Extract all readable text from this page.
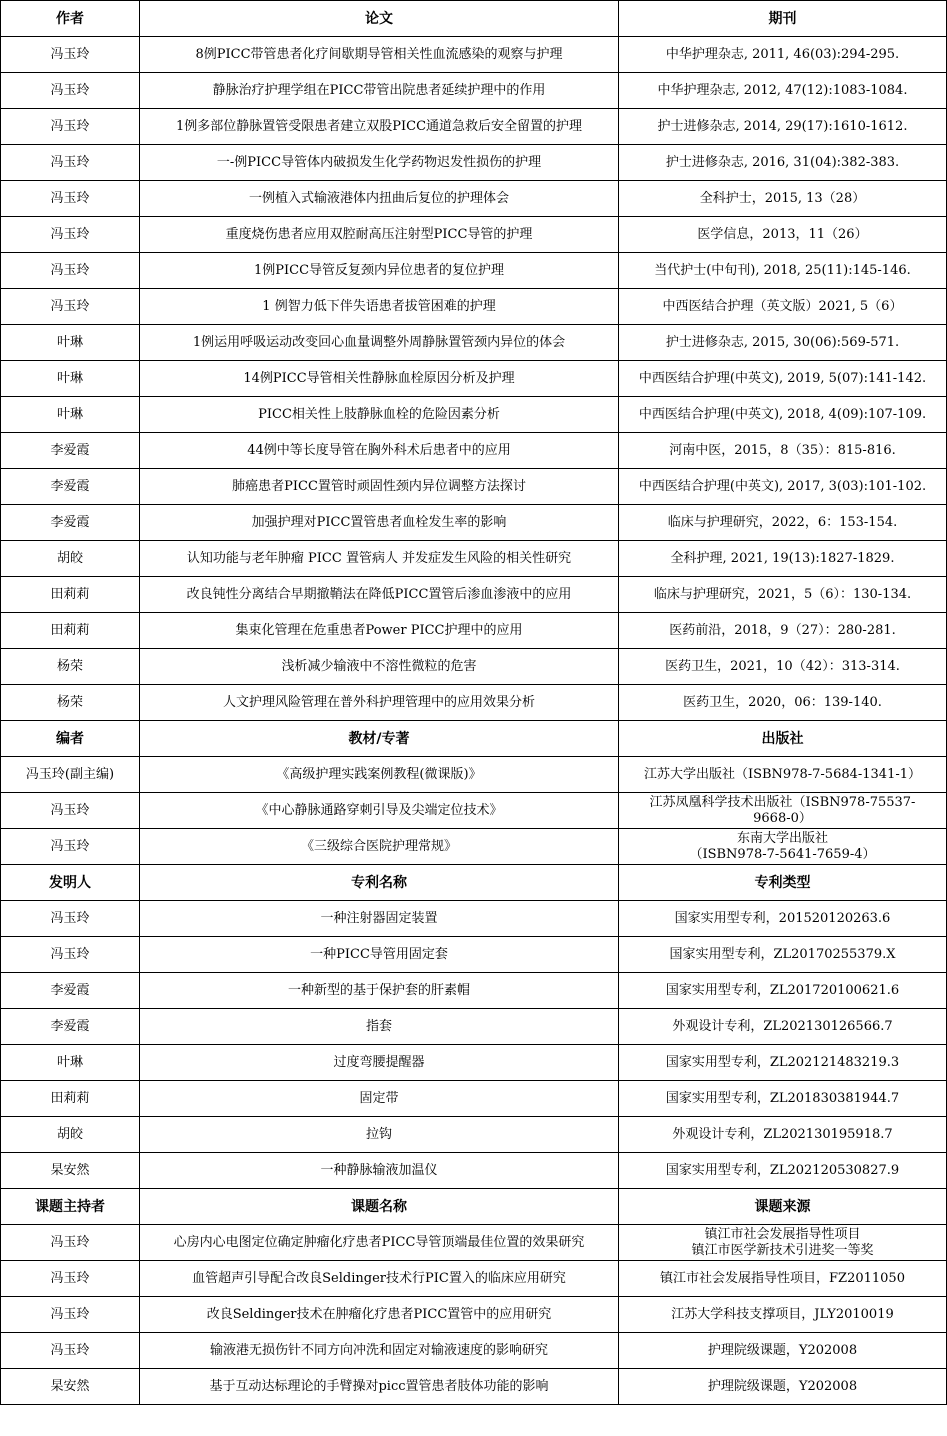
作者	论文	期刊
冯玉玲	8例PICC带管患者化疗间歇期导管相关性血流感染的观察与护理	中华护理杂志, 2011, 46(03):294-295.
冯玉玲	静脉治疗护理学组在PICC带管出院患者延续护理中的作用	中华护理杂志, 2012, 47(12):1083-1084.
冯玉玲	1例多部位静脉置管受限患者建立双股PICC通道急救后安全留置的护理	护士进修杂志, 2014, 29(17):1610-1612.
冯玉玲	一-例PICC导管体内破损发生化学药物迟发性损伤的护理	护士进修杂志, 2016, 31(04):382-383.
冯玉玲	一例植入式输液港体内扭曲后复位的护理体会	全科护士，2015, 13（28）
冯玉玲	重度烧伤患者应用双腔耐高压注射型PICC导管的护理	医学信息，2013，11（26）
冯玉玲	1例PICC导管反复颈内异位患者的复位护理	当代护士(中旬刊), 2018, 25(11):145-146.
冯玉玲	1 例智力低下伴失语患者拔管困难的护理	中西医结合护理（英文版）2021, 5（6）
叶琳	1例运用呼吸运动改变回心血量调整外周静脉置管颈内异位的体会	护士进修杂志, 2015, 30(06):569-571.
叶琳	14例PICC导管相关性静脉血栓原因分析及护理	中西医结合护理(中英文), 2019, 5(07):141-142.
叶琳	PICC相关性上肢静脉血栓的危险因素分析	中西医结合护理(中英文), 2018, 4(09):107-109.
李爱霞	44例中等长度导管在胸外科术后患者中的应用	河南中医，2015，8（35）：815-816.
李爱霞	肺癌患者PICC置管时顽固性颈内异位调整方法探讨	中西医结合护理(中英文), 2017, 3(03):101-102.
李爱霞	加强护理对PICC置管患者血栓发生率的影响	临床与护理研究，2022，6：153-154.
胡皎	认知功能与老年肿瘤 PICC 置管病人 并发症发生风险的相关性研究	全科护理, 2021, 19(13):1827-1829.
田莉莉	改良钝性分离结合早期撤鞘法在降低PICC置管后渗血渗液中的应用	临床与护理研究，2021，5（6）：130-134.
田莉莉	集束化管理在危重患者Power PICC护理中的应用	医药前沿，2018，9（27）：280-281.
杨荣	浅析减少输液中不溶性微粒的危害	医药卫生，2021，10（42）：313-314.
杨荣	人文护理风险管理在普外科护理管理中的应用效果分析	医药卫生，2020，06：139-140.
编者	教材/专著	出版社
冯玉玲(副主编)	《高级护理实践案例教程(微课版)》	江苏大学出版社（ISBN978-7-5684-1341-1）
冯玉玲	《中心静脉通路穿刺引导及尖端定位技术》	江苏凤凰科学技术出版社（ISBN978-75537-
9668-0）

冯玉玲	《三级综合医院护理常规》	东南大学出版社
（ISBN978-7-5641-7659-4）

发明人	专利名称	专利类型
冯玉玲	一种注射器固定装置	国家实用型专利，201520120263.6
冯玉玲	一种PICC导管用固定套	国家实用型专利，ZL20170255379.X
李爱霞	一种新型的基于保护套的肝素帽	国家实用型专利，ZL201720100621.6
李爱霞	指套	外观设计专利，ZL202130126566.7
叶琳	过度弯腰提醒器	国家实用型专利，ZL202121483219.3
田莉莉	固定带	国家实用型专利，ZL201830381944.7
胡皎	拉钩	外观设计专利，ZL202130195918.7
杲安然	一种静脉输液加温仪	国家实用型专利，ZL202120530827.9
课题主持者	课题名称	课题来源
冯玉玲	心房内心电图定位确定肿瘤化疗患者PICC导管顶端最佳位置的效果研究	镇江市社会发展指导性项目
镇江市医学新技术引进奖一等奖

冯玉玲	血管超声引导配合改良Seldinger技术行PIC置入的临床应用研究	镇江市社会发展指导性项目，FZ2011050
冯玉玲	改良Seldinger技术在肿瘤化疗患者PICC置管中的应用研究	江苏大学科技支撑项目，JLY2010019
冯玉玲	输液港无损伤针不同方向冲洗和固定对输液速度的影响研究	护理院级课题，Y202008
杲安然	基于互动达标理论的手臂操对picc置管患者肢体功能的影响	护理院级课题，Y202008
